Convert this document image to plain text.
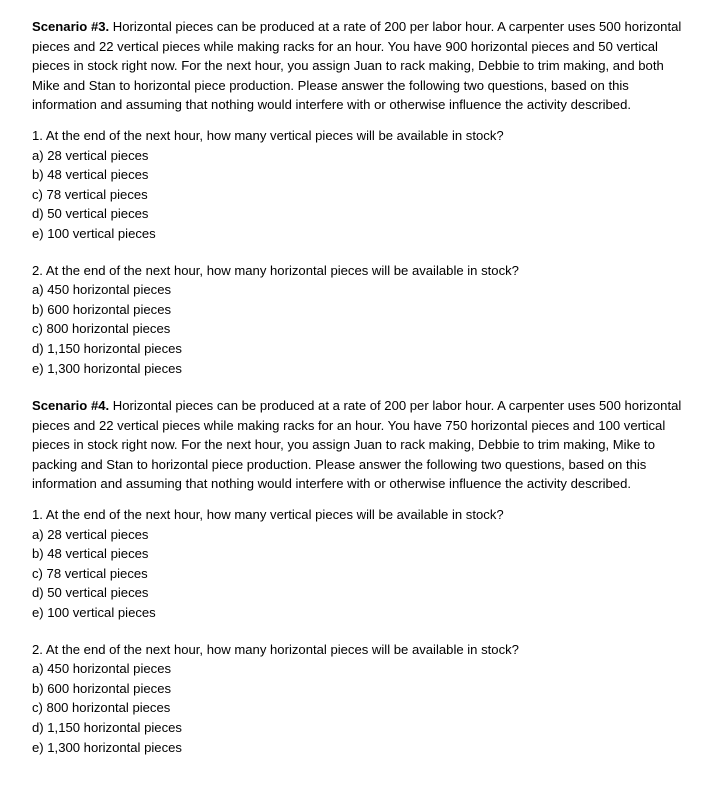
Scenario #3. Horizontal pieces can be produced at a rate of 200 per labor hour. A carpenter uses 500 horizontal pieces and 22 vertical pieces while making racks for an hour. You have 900 horizontal pieces and 50 vertical pieces in stock right now. For the next hour, you assign Juan to rack making, Debbie to trim making, and both Mike and Stan to horizontal piece production. Please answer the following two questions, based on this information and assuming that nothing would interfere with or otherwise influence the activity described.

1. At the end of the next hour, how many vertical pieces will be available in stock?

a) 28 vertical pieces

b) 48 vertical pieces

c) 78 vertical pieces

d) 50 vertical pieces

e) 100 vertical pieces

2. At the end of the next hour, how many horizontal pieces will be available in stock?

a) 450 horizontal pieces

b) 600 horizontal pieces

c) 800 horizontal pieces

d) 1,150 horizontal pieces

e) 1,300 horizontal pieces

Scenario #4. Horizontal pieces can be produced at a rate of 200 per labor hour. A carpenter uses 500 horizontal pieces and 22 vertical pieces while making racks for an hour. You have 750 horizontal pieces and 100 vertical pieces in stock right now. For the next hour, you assign Juan to rack making, Debbie to trim making, Mike to packing and Stan to horizontal piece production. Please answer the following two questions, based on this information and assuming that nothing would interfere with or otherwise influence the activity described.

1. At the end of the next hour, how many vertical pieces will be available in stock?

a) 28 vertical pieces

b) 48 vertical pieces

c) 78 vertical pieces

d) 50 vertical pieces

e) 100 vertical pieces

2. At the end of the next hour, how many horizontal pieces will be available in stock?

a) 450 horizontal pieces

b) 600 horizontal pieces

c) 800 horizontal pieces

d) 1,150 horizontal pieces

e) 1,300 horizontal pieces
